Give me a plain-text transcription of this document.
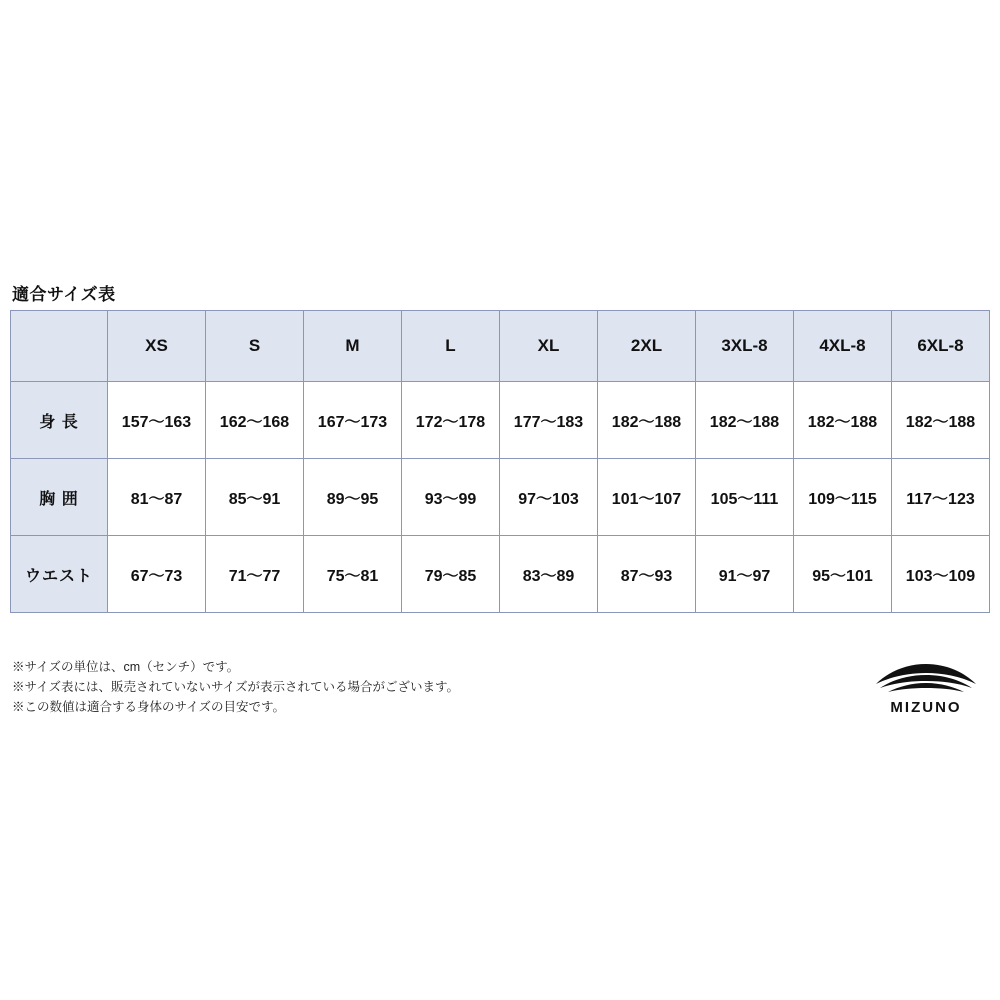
適合サイズ表
	XS	S	M	L	XL	2XL	3XL-8	4XL-8	6XL-8
身 長	157〜163	162〜168	167〜173	172〜178	177〜183	182〜188	182〜188	182〜188	182〜188
胸 囲	81〜87	85〜91	89〜95	93〜99	97〜103	101〜107	105〜111	109〜115	117〜123
ウエスト	67〜73	71〜77	75〜81	79〜85	83〜89	87〜93	91〜97	95〜101	103〜109
※サイズの単位は、cm（センチ）です。
※サイズ表には、販売されていないサイズが表示されている場合がございます。
※この数値は適合する身体のサイズの目安です。	MIZUNO
